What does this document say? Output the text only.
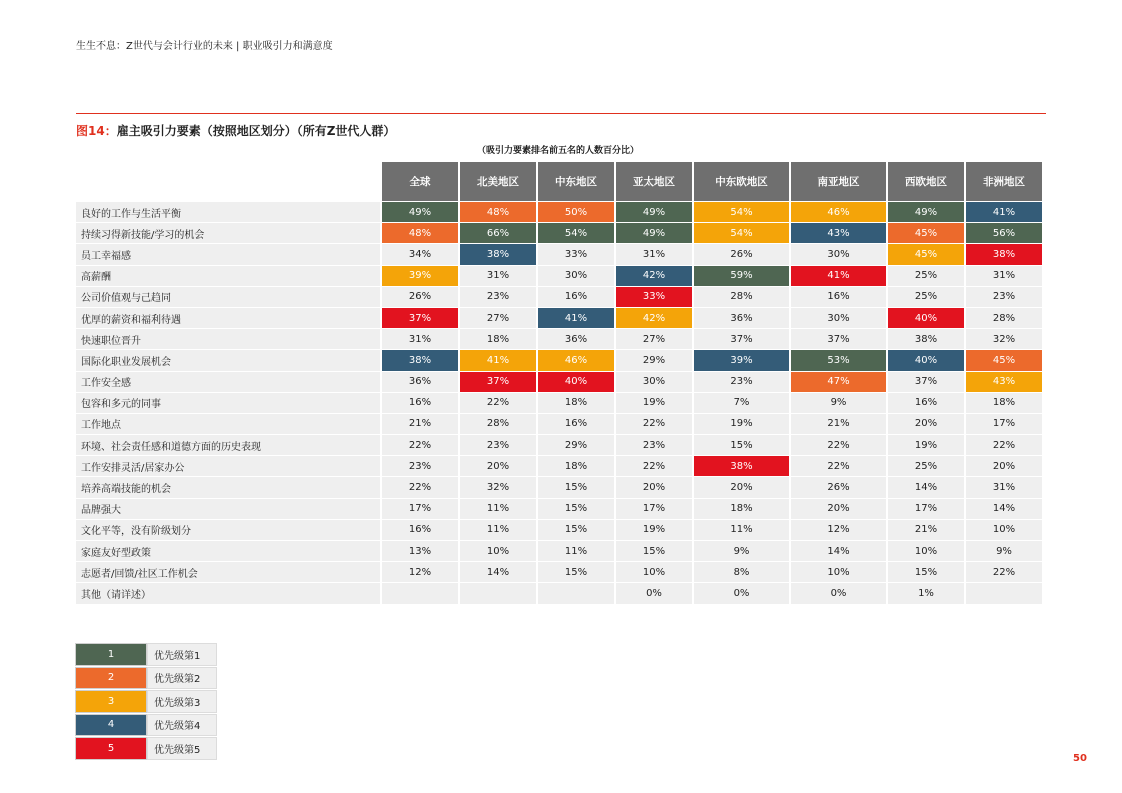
生生不息：Z世代与会计行业的未来 | 职业吸引力和满意度
图14：雇主吸引力要素（按照地区划分）（所有Z世代人群）
（吸引力要素排名前五名的人数百分比）
	全球	北美地区	中东地区	亚太地区	中东欧地区	南亚地区	西欧地区	非洲地区
良好的工作与生活平衡	49%	48%	50%	49%	54%	46%	49%	41%
持续习得新技能/学习的机会	48%	66%	54%	49%	54%	43%	45%	56%
员工幸福感	34%	38%	33%	31%	26%	30%	45%	38%
高薪酬	39%	31%	30%	42%	59%	41%	25%	31%
公司价值观与己趋同	26%	23%	16%	33%	28%	16%	25%	23%
优厚的薪资和福利待遇	37%	27%	41%	42%	36%	30%	40%	28%
快速职位晋升	31%	18%	36%	27%	37%	37%	38%	32%
国际化职业发展机会	38%	41%	46%	29%	39%	53%	40%	45%
工作安全感	36%	37%	40%	30%	23%	47%	37%	43%
包容和多元的同事	16%	22%	18%	19%	7%	9%	16%	18%
工作地点	21%	28%	16%	22%	19%	21%	20%	17%
环境、社会责任感和道德方面的历史表现	22%	23%	29%	23%	15%	22%	19%	22%
工作安排灵活/居家办公	23%	20%	18%	22%	38%	22%	25%	20%
培养高端技能的机会	22%	32%	15%	20%	20%	26%	14%	31%
品牌强大	17%	11%	15%	17%	18%	20%	17%	14%
文化平等，没有阶级划分	16%	11%	15%	19%	11%	12%	21%	10%
家庭友好型政策	13%	10%	11%	15%	9%	14%	10%	9%
志愿者/回馈/社区工作机会	12%	14%	15%	10%	8%	10%	15%	22%
其他（请详述）				0%	0%	0%	1%	
1	优先级第1
2	优先级第2
3	优先级第3
4	优先级第4
5	优先级第5
50
